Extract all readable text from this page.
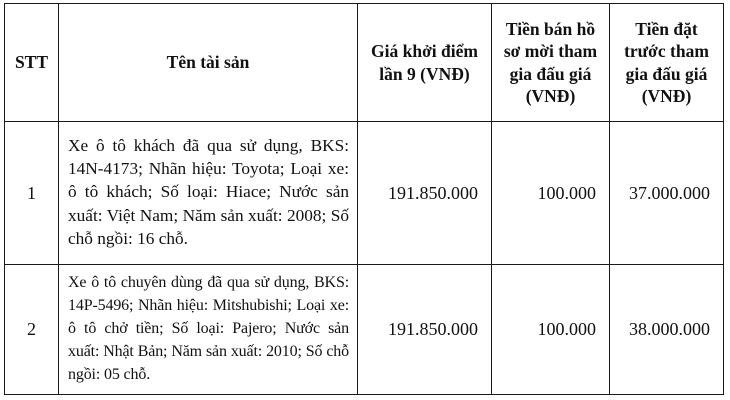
STT	Tên tài sản	Giá khởi điểm lần 9 (VNĐ)	Tiền bán hồ sơ mời tham gia đấu giá (VNĐ)	Tiền đặt trước tham gia đấu giá (VNĐ)
1	Xe ô tô khách đã qua sử dụng, BKS: 14N-4173; Nhãn hiệu: Toyota; Loại xe: ô tô khách; Số loại: Hiace; Nước sản xuất: Việt Nam; Năm sản xuất: 2008; Số chỗ ngồi: 16 chỗ.	191.850.000	100.000	37.000.000
2	Xe ô tô chuyên dùng đã qua sử dụng, BKS: 14P-5496; Nhãn hiệu: Mitshubishi; Loại xe: ô tô chở tiền; Số loại: Pajero; Nước sản xuất: Nhật Bản; Năm sản xuất: 2010; Số chỗ ngồi: 05 chỗ.	191.850.000	100.000	38.000.000
